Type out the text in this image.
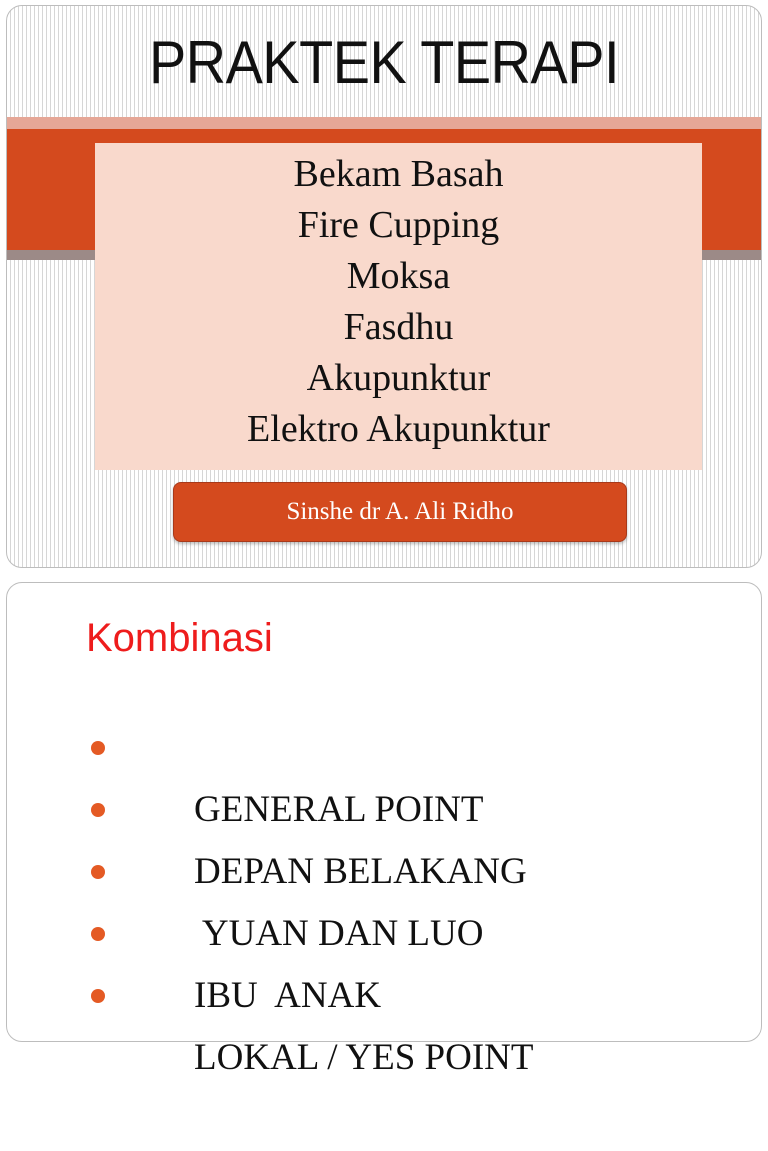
PRAKTEK TERAPI
Bekam Basah
Fire Cupping
Moksa
Fasdhu
Akupunktur
Elektro Akupunktur
Sinshe dr A. Ali Ridho
Kombinasi

GENERAL POINT

DEPAN BELAKANG

YUAN DAN LUO

IBU  ANAK

LOKAL / YES POINT
